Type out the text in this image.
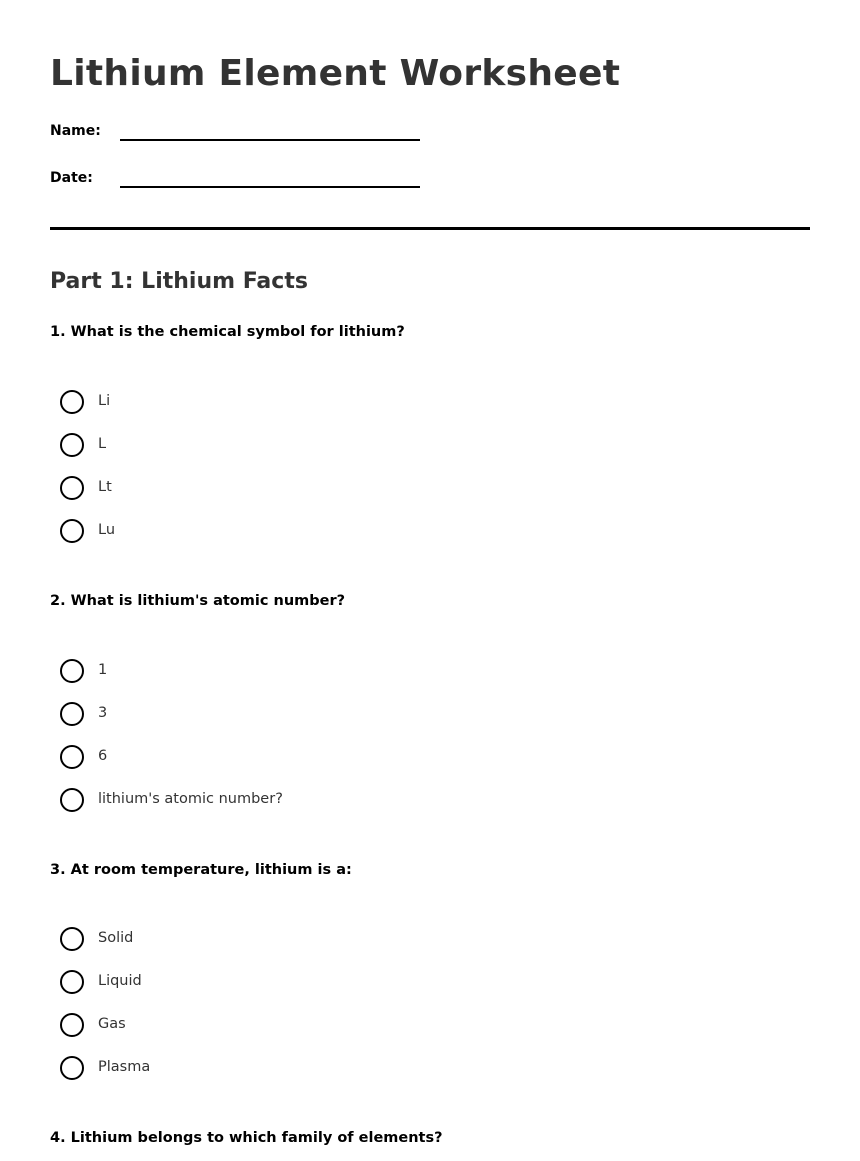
Lithium Element Worksheet
Name:
Date:
Part 1: Lithium Facts
1. What is the chemical symbol for lithium?
Li
L
Lt
Lu
2. What is lithium's atomic number?
1
3
6
lithium's atomic number?
3. At room temperature, lithium is a:
Solid
Liquid
Gas
Plasma
4. Lithium belongs to which family of elements?
